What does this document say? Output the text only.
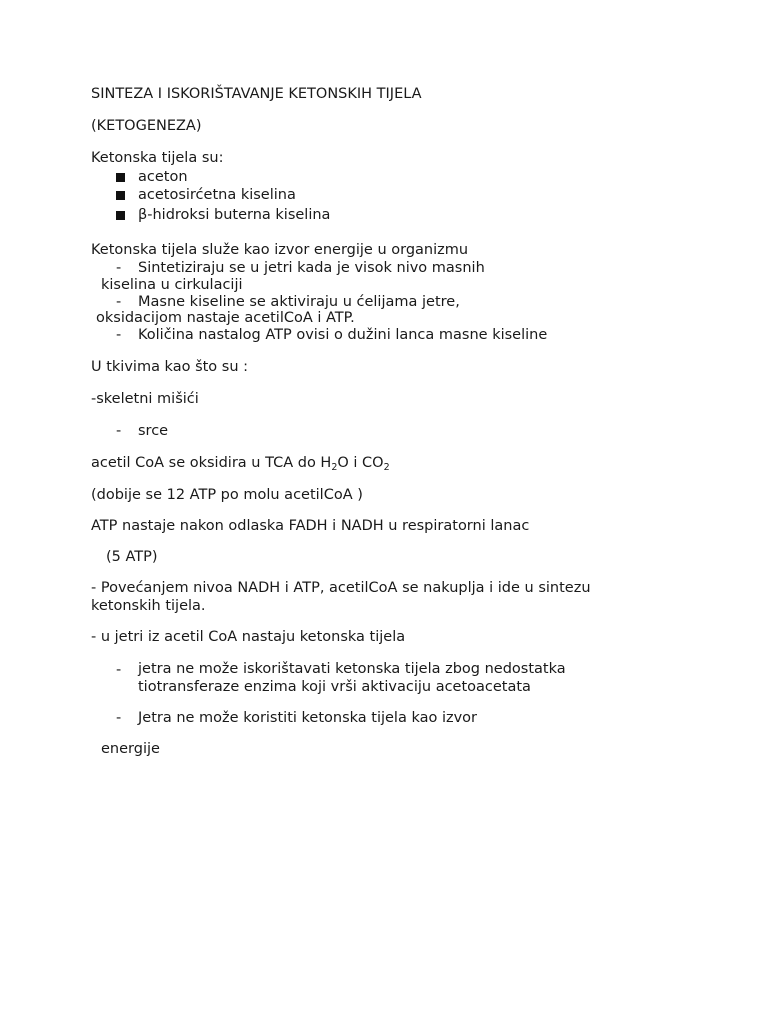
SINTEZA I ISKORIŠTAVANJE KETONSKIH TIJELA
(KETOGENEZA)
Ketonska tijela su:
aceton
acetosirćetna kiselina
β-hidroksi buterna kiselina
Ketonska tijela služe kao izvor energije u organizmu
- Sintetiziraju se u jetri kada je visok nivo masnih
kiselina u cirkulaciji
- Masne kiseline se aktiviraju u ćelijama jetre,
oksidacijom nastaje acetilCoA i ATP.
- Količina nastalog ATP ovisi o dužini lanca masne kiseline
U tkivima kao što su :
-skeletni mišići
- srce
acetil CoA se oksidira u TCA do $H_2O$ i $CO_2$
(dobije se 12 ATP po molu acetilCoA )
ATP nastaje nakon odlaska FADH i NADH u respiratorni lanac
(5 ATP)
- Povećanjem nivoa NADH i ATP, acetilCoA se nakuplja i ide u sintezu
ketonskih tijela.
- u jetri iz acetil CoA nastaju ketonska tijela
- jetra ne može iskorištavati ketonska tijela zbog nedostatka
tiotransferaze enzima koji vrši aktivaciju acetoacetata
- Jetra ne može koristiti ketonska tijela kao izvor
energije
